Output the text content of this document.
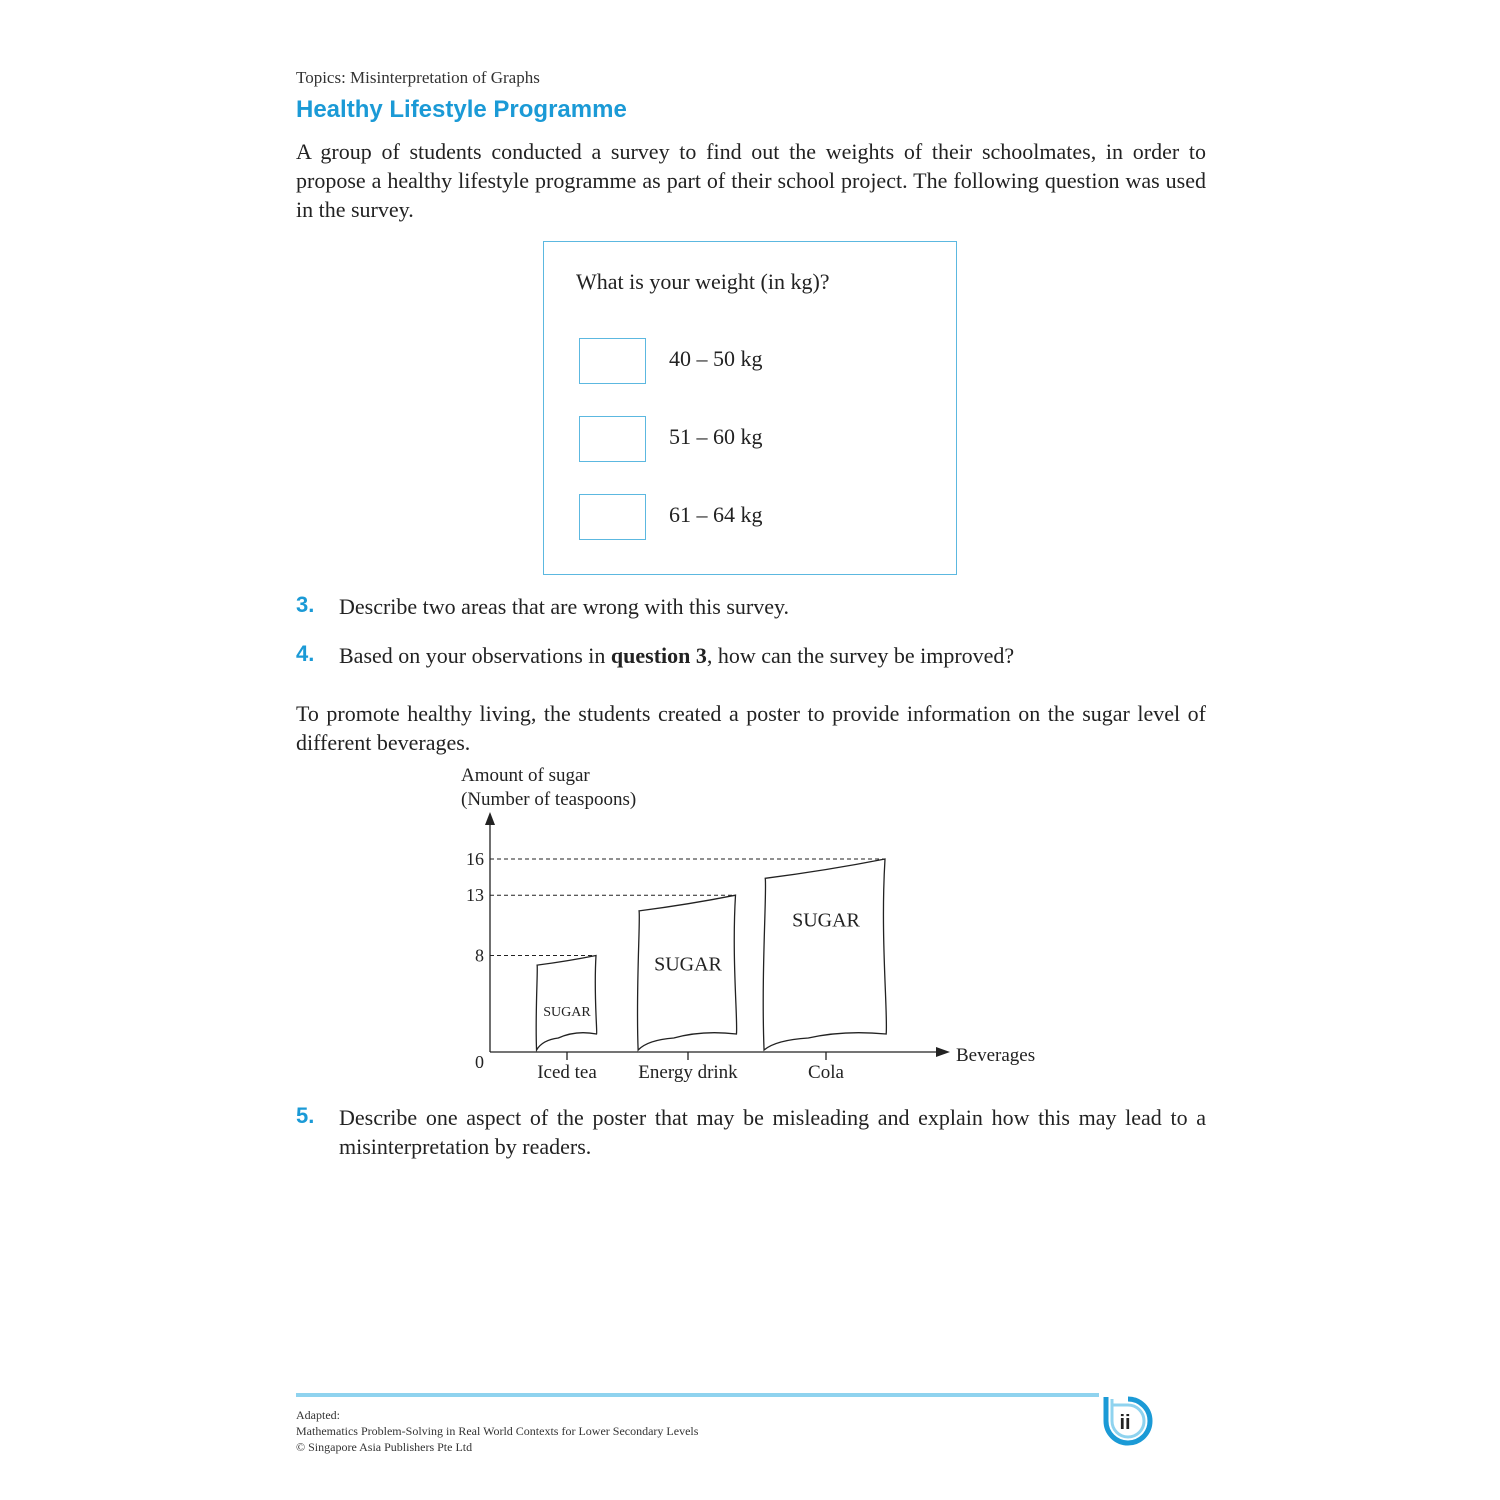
Topics: Misinterpretation of Graphs
Healthy Lifestyle Programme
A group of students conducted a survey to find out the weights of their schoolmates, in order to propose a healthy lifestyle programme as part of their school project. The following question was used in the survey.
What is your weight (in kg)?
40 – 50 kg
51 – 60 kg
61 – 64 kg
3. Describe two areas that are wrong with this survey.
4. Based on your observations in question 3, how can the survey be improved?
To promote healthy living, the students created a poster to provide information on the sugar level of different beverages.
Amount of sugar
(Number of teaspoons)
Beverages
0
8
13
16
SUGAR
Iced tea
SUGAR
Energy drink
SUGAR
Cola
5. Describe one aspect of the poster that may be misleading and explain how this may lead to a misinterpretation by readers.
Adapted:
Mathematics Problem-Solving in Real World Contexts for Lower Secondary Levels
© Singapore Asia Publishers Pte Ltd
ii
